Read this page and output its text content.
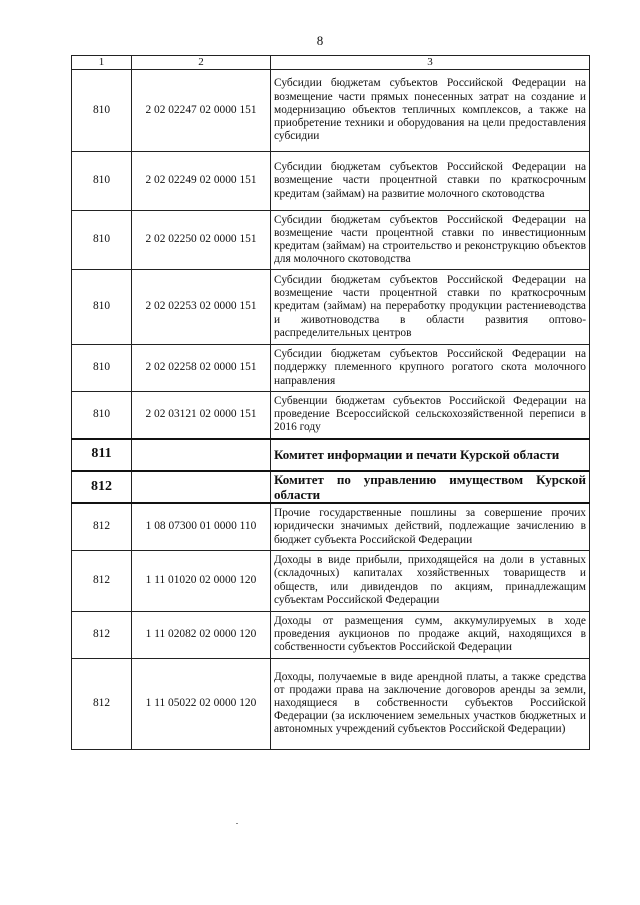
8
1	2	3
810	2 02 02247 02 0000 151	Субсидии бюджетам субъектов Российской Федерации на возмещение части прямых понесенных затрат на создание и модернизацию объектов тепличных комплексов, а также на приобретение техники и оборудования на цели предоставления субсидии
810	2 02 02249 02 0000 151	Субсидии бюджетам субъектов Российской Федерации на возмещение части процентной ставки по краткосрочным кредитам (займам) на развитие молочного скотоводства
810	2 02 02250 02 0000 151	Субсидии бюджетам субъектов Российской Федерации на возмещение части процентной ставки по инвестиционным кредитам (займам) на строительство и реконструкцию объектов для молочного скотоводства
810	2 02 02253 02 0000 151	Субсидии бюджетам субъектов Российской Федерации на возмещение части процентной ставки по краткосрочным кредитам (займам) на переработку продукции растениеводства и животноводства в области развития оптово-распределительных центров
810	2 02 02258 02 0000 151	Субсидии бюджетам субъектов Российской Федерации на поддержку племенного крупного рогатого скота молочного направления
810	2 02 03121 02 0000 151	Субвенции бюджетам субъектов Российской Федерации на проведение Всероссийской сельскохозяйственной переписи в 2016 году
811		Комитет информации и печати Курской области
812		Комитет по управлению имуществом Курской области
812	1 08 07300 01 0000 110	Прочие государственные пошлины за совершение прочих юридически значимых действий, подлежащие зачислению в бюджет субъекта Российской Федерации
812	1 11 01020 02 0000 120	Доходы в виде прибыли, приходящейся на доли в уставных (складочных) капиталах хозяйственных товариществ и обществ, или дивидендов по акциям, принадлежащим субъектам Российской Федерации
812	1 11 02082 02 0000 120	Доходы от размещения сумм, аккумулируемых в ходе проведения аукционов по продаже акций, находящихся в собственности субъектов Российской Федерации
812	1 11 05022 02 0000 120	Доходы, получаемые в виде арендной платы, а также средства от продажи права на заключение договоров аренды за земли, находящиеся в собственности субъектов Российской Федерации (за исключением земельных участков бюджетных и автономных учреждений субъектов Российской Федерации)
